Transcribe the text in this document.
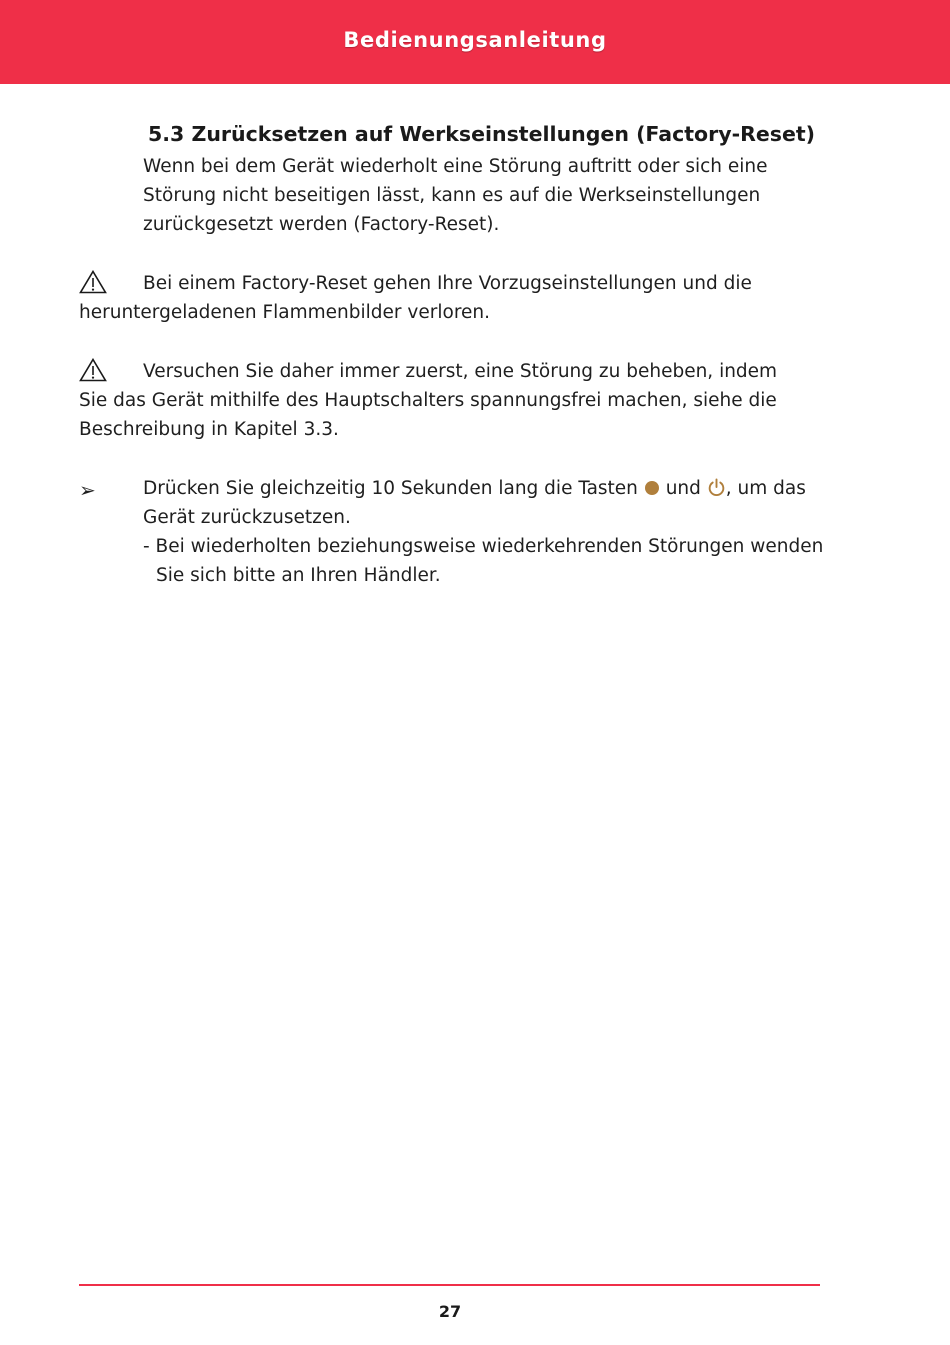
Bedienungsanleitung
5.3 Zurücksetzen auf Werkseinstellungen (Factory-Reset)
Wenn bei dem Gerät wiederholt eine Störung auftritt oder sich eine
Störung nicht beseitigen lässt, kann es auf die Werkseinstellungen
zurückgesetzt werden (Factory-Reset).
Bei einem Factory-Reset gehen Ihre Vorzugseinstellungen und die
heruntergeladenen Flammenbilder verloren.
Versuchen Sie daher immer zuerst, eine Störung zu beheben, indem
Sie das Gerät mithilfe des Hauptschalters spannungsfrei machen, siehe die
Beschreibung in Kapitel 3.3.
➢	Drücken Sie gleichzeitig 10 Sekunden lang die Tasten und , um das
Gerät zurückzusetzen.
- Bei wiederholten beziehungsweise wiederkehrenden Störungen wenden
Sie sich bitte an Ihren Händler.
27
